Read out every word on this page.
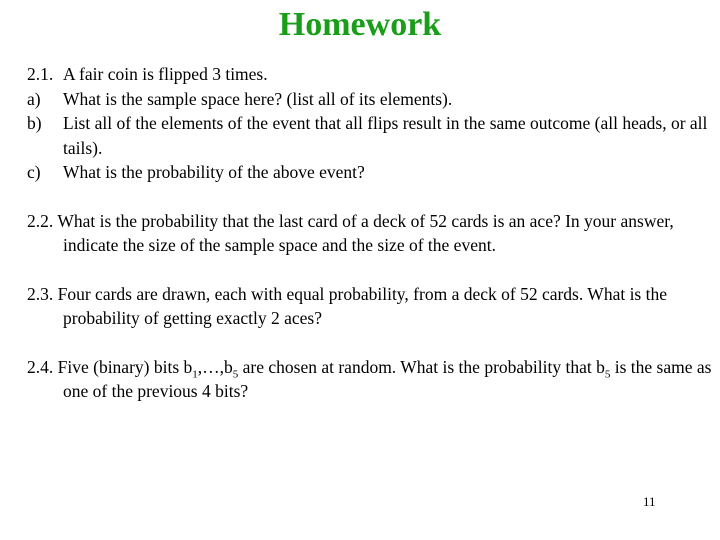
Homework
2.1. A fair coin is flipped 3 times.
a)	What is the sample space here? (list all of its elements).
b)	List all of the elements of the event that all flips result in the same outcome (all heads, or all tails).
c)	What is the probability of the above event?
2.2. What is the probability that the last card of a deck of 52 cards is an ace? In your answer, indicate the size of the sample space and the size of the event.
2.3. Four cards are drawn, each with equal probability, from a deck of 52 cards. What is the probability of getting exactly 2 aces?
2.4. Five (binary) bits $b_1,\dots,b_5$ are chosen at random. What is the probability that $b_5$ is the same as one of the previous 4 bits?
11
